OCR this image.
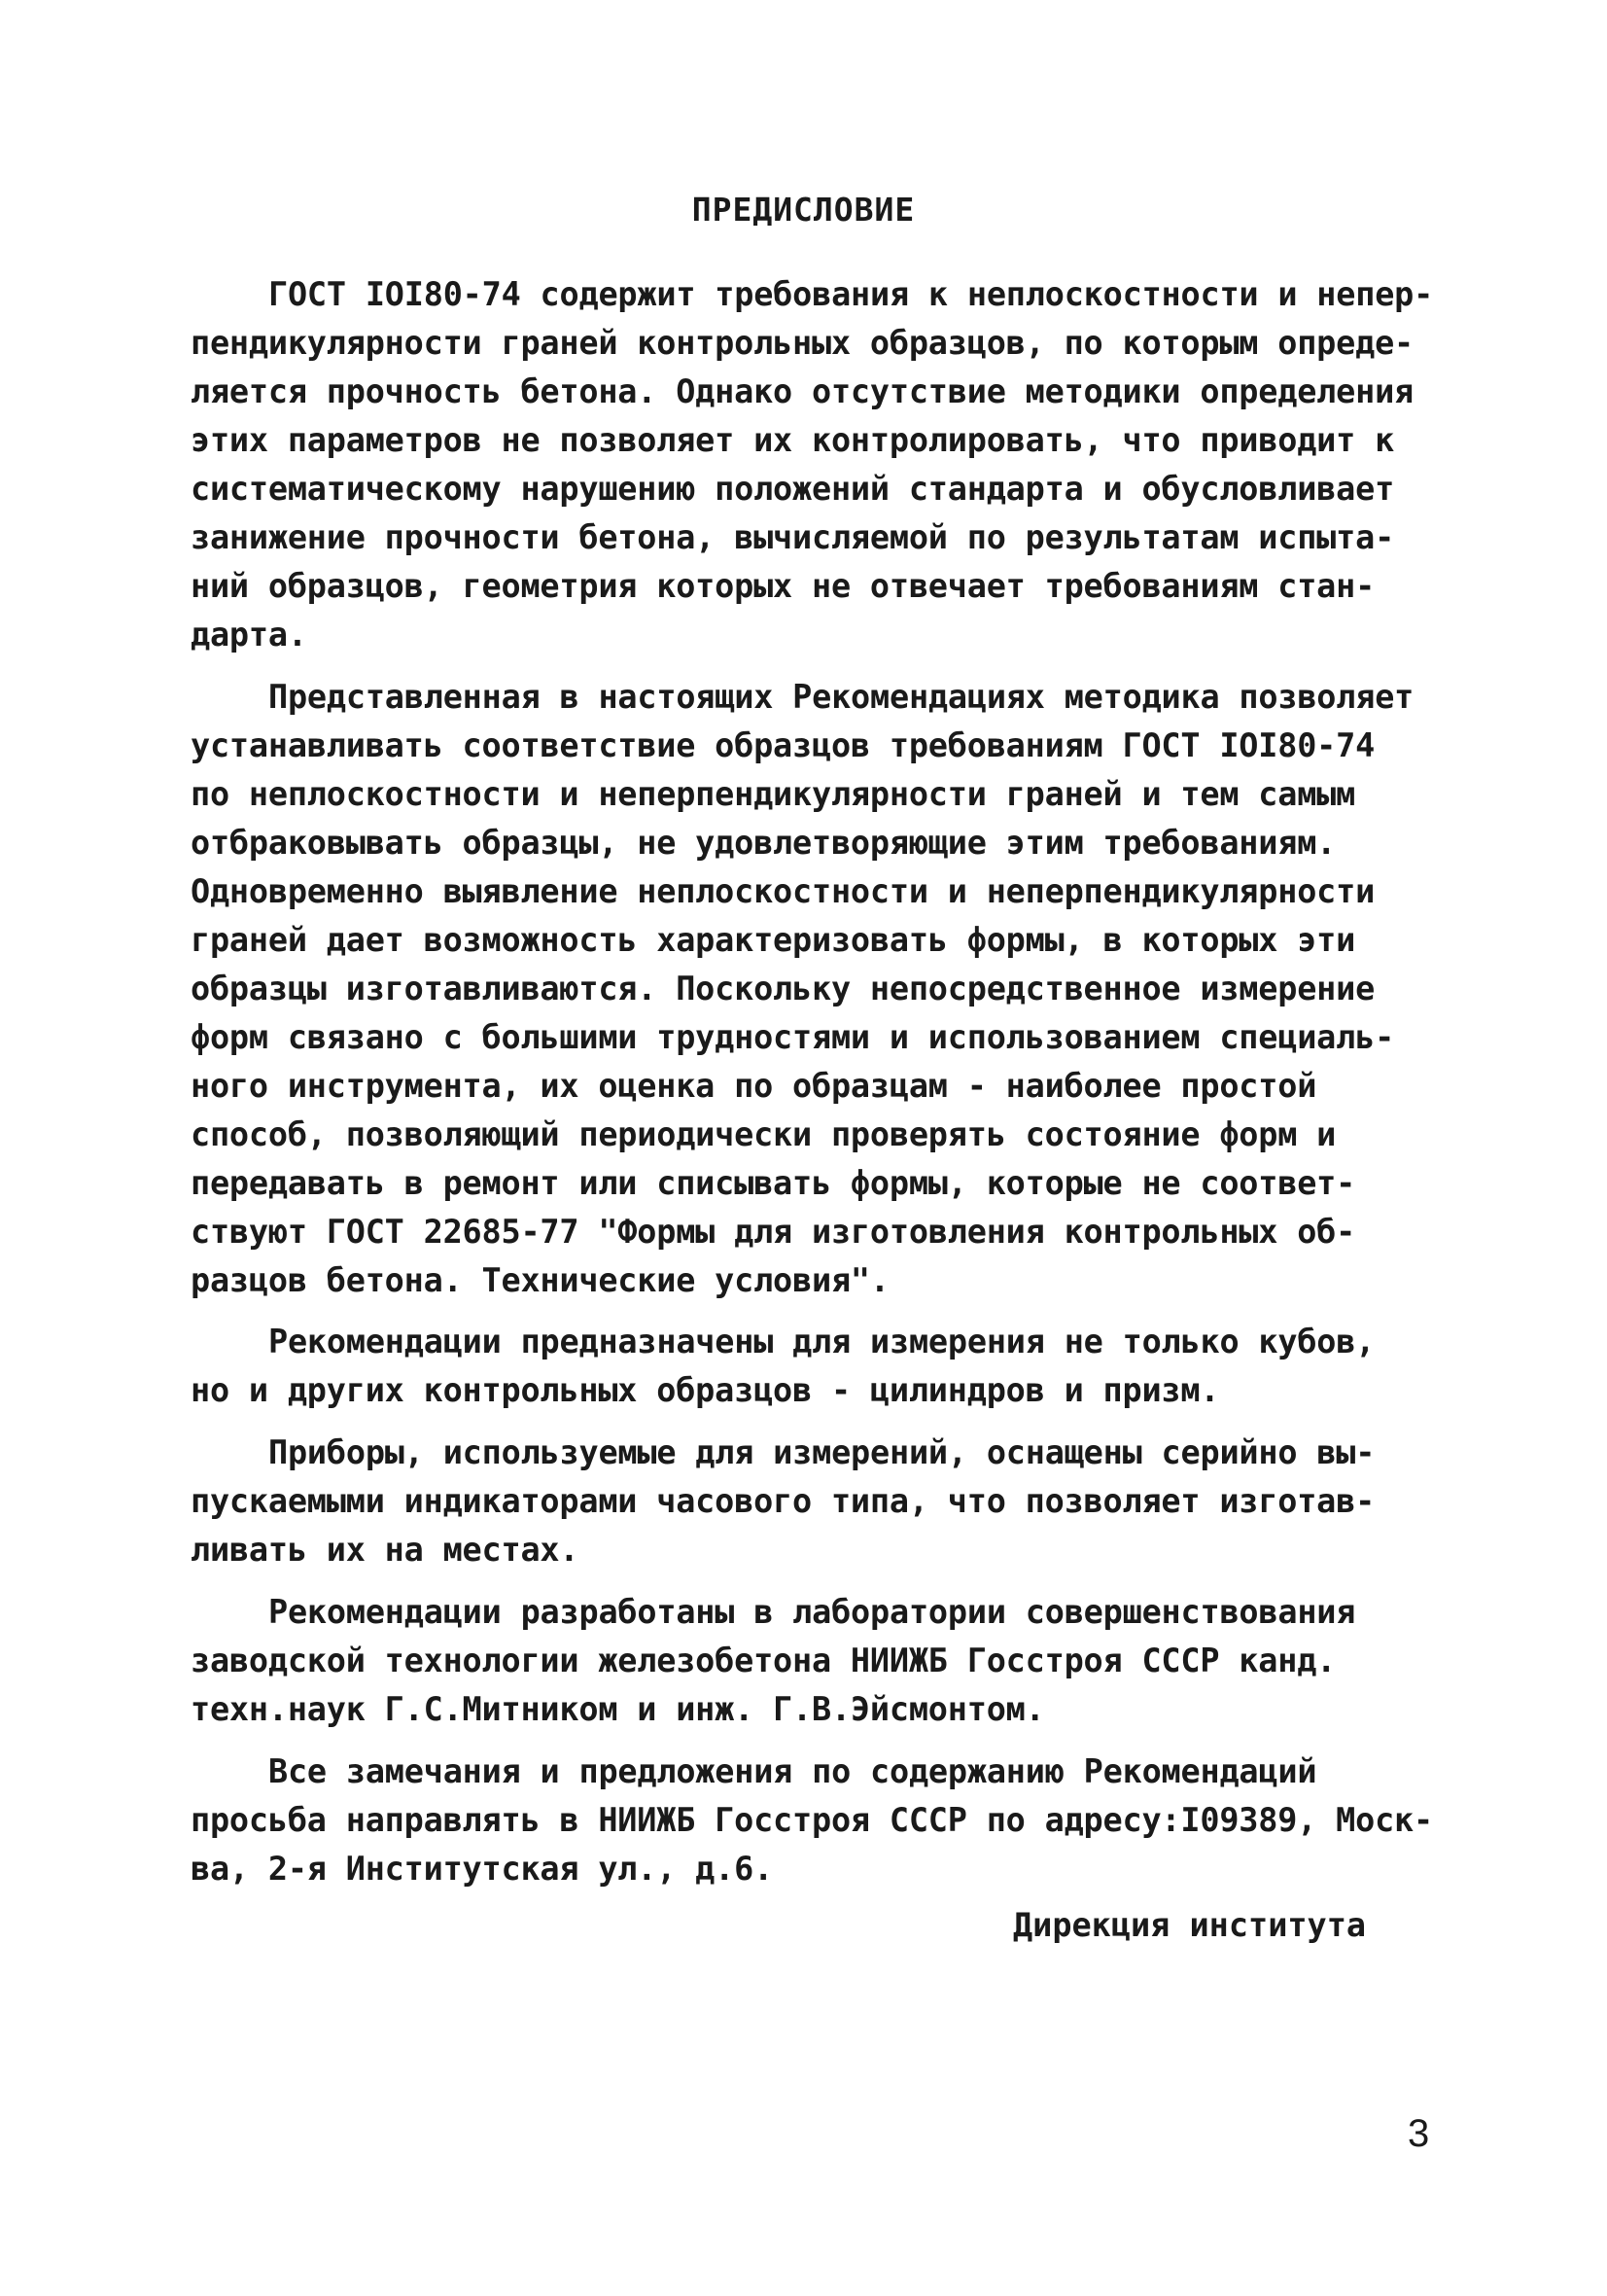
ПРЕДИСЛОВИЕ
ГОСТ IOI80-74 содержит требования к неплоскостности и непер-
пендикулярности граней контрольных образцов, по которым опреде-
ляется прочность бетона. Однако отсутствие методики определения
этих параметров не позволяет их контролировать, что приводит к
систематическому нарушению положений стандарта и обусловливает
занижение прочности бетона, вычисляемой по результатам испыта-
ний образцов, геометрия которых не отвечает требованиям стан-
дарта.
Представленная в настоящих Рекомендациях методика позволяет
устанавливать соответствие образцов требованиям ГОСТ IOI80-74
по неплоскостности и неперпендикулярности граней и тем самым
отбраковывать образцы, не удовлетворяющие этим требованиям.
Одновременно выявление неплоскостности и неперпендикулярности
граней дает возможность характеризовать формы, в которых эти
образцы изготавливаются. Поскольку непосредственное измерение
форм связано с большими трудностями и использованием специаль-
ного инструмента, их оценка по образцам - наиболее простой
способ, позволяющий периодически проверять состояние форм и
передавать в ремонт или списывать формы, которые не соответ-
ствуют ГОСТ 22685-77 "Формы для изготовления контрольных об-
разцов бетона. Технические условия".
Рекомендации предназначены для измерения не только кубов,
но и других контрольных образцов - цилиндров и призм.
Приборы, используемые для измерений, оснащены серийно вы-
пускаемыми индикаторами часового типа, что позволяет изготав-
ливать их на местах.
Рекомендации разработаны в лаборатории совершенствования
заводской технологии железобетона НИИЖБ Госстроя СССР канд.
техн.наук Г.С.Митником и инж. Г.В.Эйсмонтом.
Все замечания и предложения по содержанию Рекомендаций
просьба направлять в НИИЖБ Госстроя СССР по адресу:I09389, Моск-
ва, 2-я Институтская ул., д.6.
Дирекция института
3
